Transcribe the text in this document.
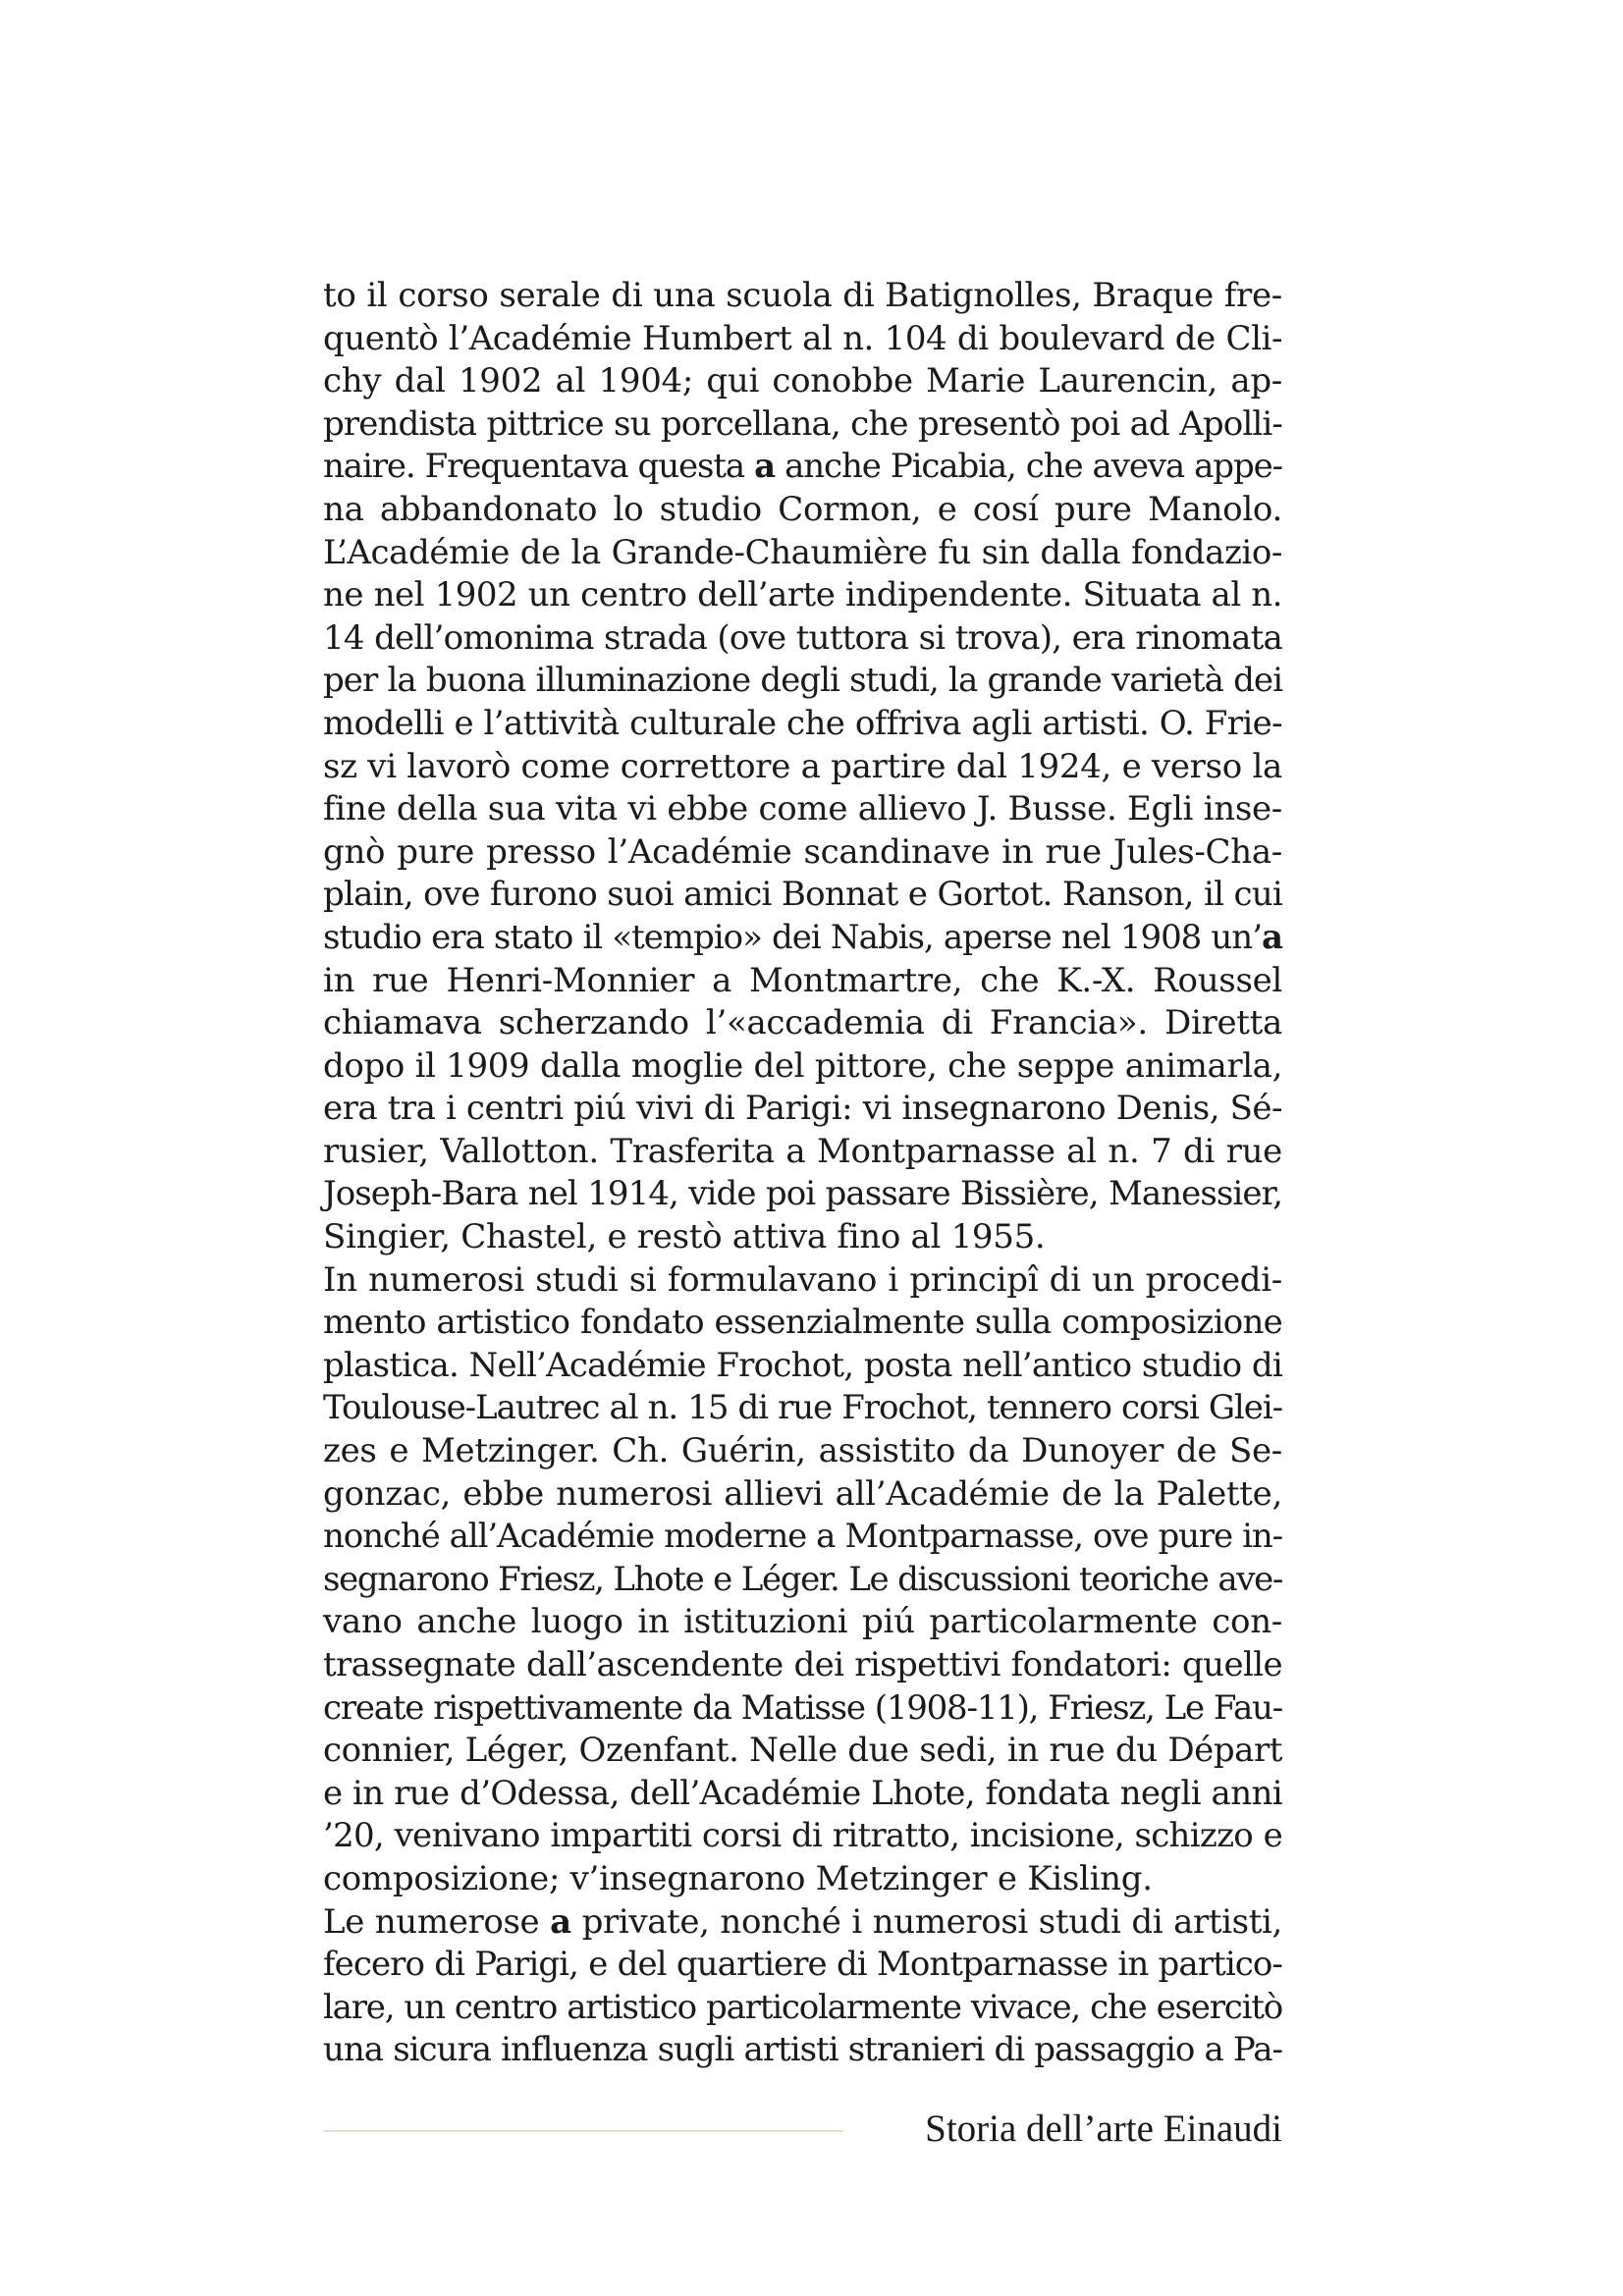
to il corso serale di una scuola di Batignolles, Braque fre-
quentò l’Académie Humbert al n. 104 di boulevard de Cli-
chy dal 1902 al 1904; qui conobbe Marie Laurencin, ap-
prendista pittrice su porcellana, che presentò poi ad Apolli-
naire. Frequentava questa a anche Picabia, che aveva appe-
na abbandonato lo studio Cormon, e cosí pure Manolo.
L’Académie de la Grande-Chaumière fu sin dalla fondazio-
ne nel 1902 un centro dell’arte indipendente. Situata al n.
14 dell’omonima strada (ove tuttora si trova), era rinomata
per la buona illuminazione degli studi, la grande varietà dei
modelli e l’attività culturale che offriva agli artisti. O. Frie-
sz vi lavorò come correttore a partire dal 1924, e verso la
fine della sua vita vi ebbe come allievo J. Busse. Egli inse-
gnò pure presso l’Académie scandinave in rue Jules-Cha-
plain, ove furono suoi amici Bonnat e Gortot. Ranson, il cui
studio era stato il «tempio» dei Nabis, aperse nel 1908 un’a
in rue Henri-Monnier a Montmartre, che K.-X. Roussel
chiamava scherzando l’«accademia di Francia». Diretta
dopo il 1909 dalla moglie del pittore, che seppe animarla,
era tra i centri piú vivi di Parigi: vi insegnarono Denis, Sé-
rusier, Vallotton. Trasferita a Montparnasse al n. 7 di rue
Joseph-Bara nel 1914, vide poi passare Bissière, Manessier,
Singier, Chastel, e restò attiva fino al 1955.
In numerosi studi si formulavano i principî di un procedi-
mento artistico fondato essenzialmente sulla composizione
plastica. Nell’Académie Frochot, posta nell’antico studio di
Toulouse-Lautrec al n. 15 di rue Frochot, tennero corsi Glei-
zes e Metzinger. Ch. Guérin, assistito da Dunoyer de Se-
gonzac, ebbe numerosi allievi all’Académie de la Palette,
nonché all’Académie moderne a Montparnasse, ove pure in-
segnarono Friesz, Lhote e Léger. Le discussioni teoriche ave-
vano anche luogo in istituzioni piú particolarmente con-
trassegnate dall’ascendente dei rispettivi fondatori: quelle
create rispettivamente da Matisse (1908-11), Friesz, Le Fau-
connier, Léger, Ozenfant. Nelle due sedi, in rue du Départ
e in rue d’Odessa, dell’Académie Lhote, fondata negli anni
’20, venivano impartiti corsi di ritratto, incisione, schizzo e
composizione; v’insegnarono Metzinger e Kisling.
Le numerose a private, nonché i numerosi studi di artisti,
fecero di Parigi, e del quartiere di Montparnasse in partico-
lare, un centro artistico particolarmente vivace, che esercitò
una sicura influenza sugli artisti stranieri di passaggio a Pa-
Storia dell’arte Einaudi
